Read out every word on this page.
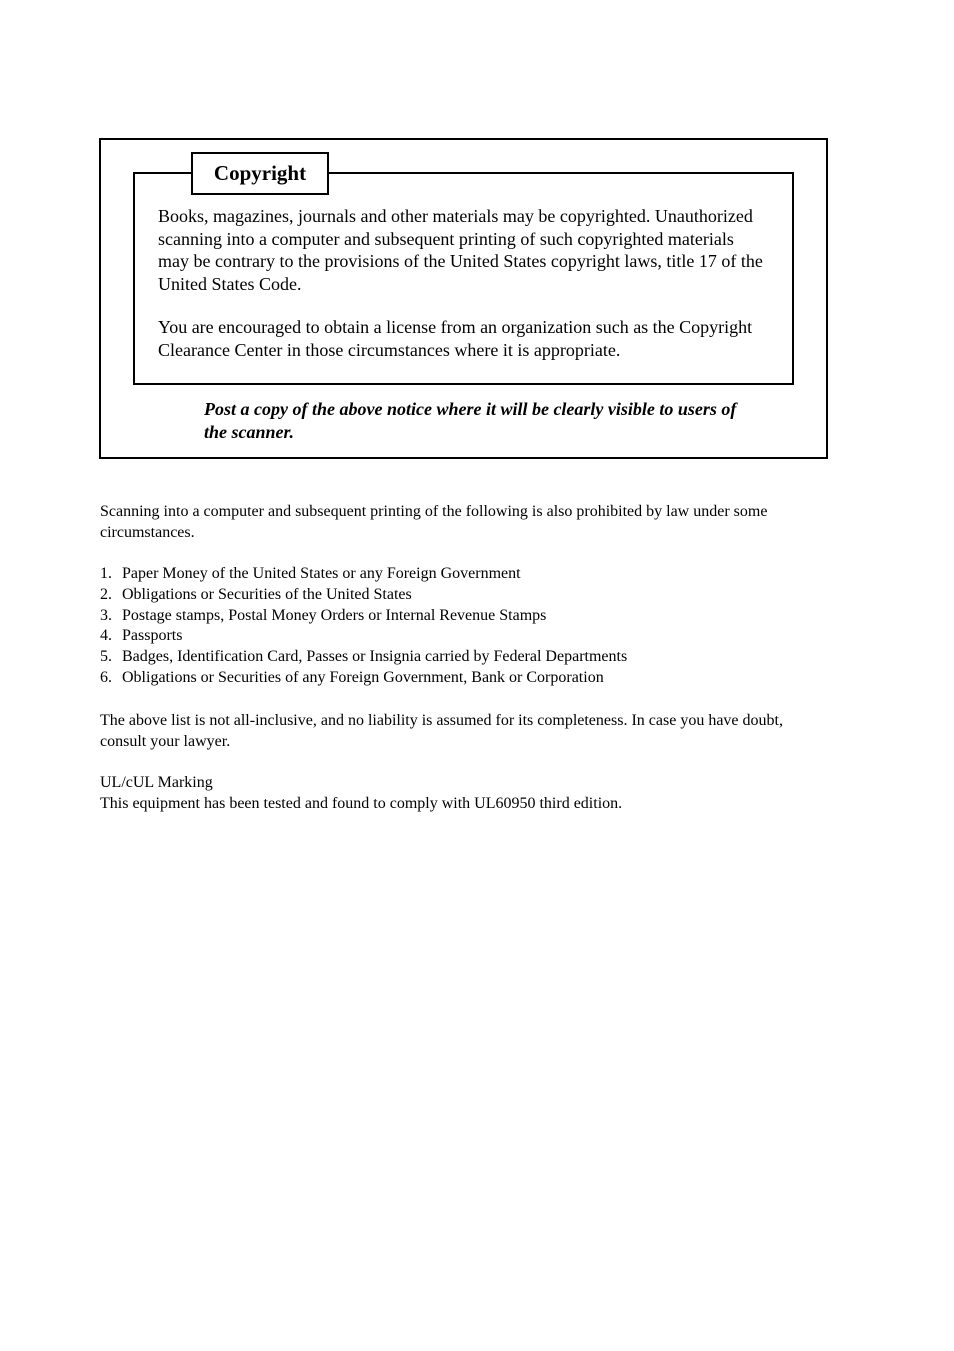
Copyright

Books, magazines, journals and other materials may be copyrighted. Unauthorized scanning into a computer and subsequent printing of such copyrighted materials may be contrary to the provisions of the United States copyright laws, title 17 of the United States Code.

You are encouraged to obtain a license from an organization such as the Copyright Clearance Center in those circumstances where it is appropriate.

Post a copy of the above notice where it will be clearly visible to users of the scanner.

Scanning into a computer and subsequent printing of the following is also prohibited by law under some circumstances.

1. Paper Money of the United States or any Foreign Government
2. Obligations or Securities of the United States
3. Postage stamps, Postal Money Orders or Internal Revenue Stamps
4. Passports
5. Badges, Identification Card, Passes or Insignia carried by Federal Departments
6. Obligations or Securities of any Foreign Government, Bank or Corporation

The above list is not all-inclusive, and no liability is assumed for its completeness. In case you have doubt, consult your lawyer.

UL/cUL Marking

This equipment has been tested and found to comply with UL60950 third edition.
